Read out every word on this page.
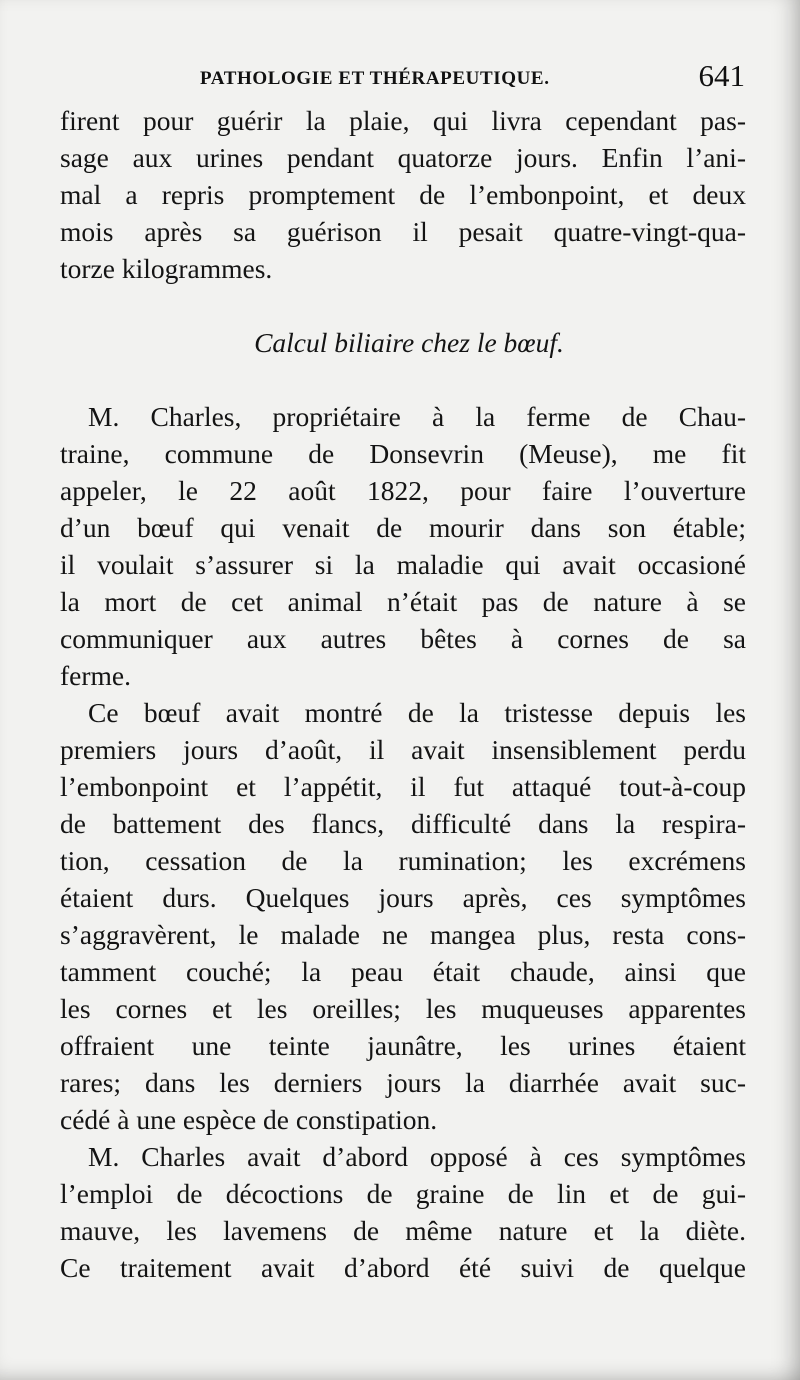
PATHOLOGIE ET THÉRAPEUTIQUE.	641
firent pour guérir la plaie, qui livra cependant pas-
sage aux urines pendant quatorze jours. Enfin l’ani-
mal a repris promptement de l’embonpoint, et deux
mois après sa guérison il pesait quatre-vingt-qua-
torze kilogrammes.
Calcul biliaire chez le bœuf.
M. Charles, propriétaire à la ferme de Chau-
traine, commune de Donsevrin (Meuse), me fit
appeler, le 22 août 1822, pour faire l’ouverture
d’un bœuf qui venait de mourir dans son étable;
il voulait s’assurer si la maladie qui avait occasioné
la mort de cet animal n’était pas de nature à se
communiquer aux autres bêtes à cornes de sa
ferme.
Ce bœuf avait montré de la tristesse depuis les
premiers jours d’août, il avait insensiblement perdu
l’embonpoint et l’appétit, il fut attaqué tout-à-coup
de battement des flancs, difficulté dans la respira-
tion, cessation de la rumination; les excrémens
étaient durs. Quelques jours après, ces symptômes
s’aggravèrent, le malade ne mangea plus, resta cons-
tamment couché; la peau était chaude, ainsi que
les cornes et les oreilles; les muqueuses apparentes
offraient une teinte jaunâtre, les urines étaient
rares; dans les derniers jours la diarrhée avait suc-
cédé à une espèce de constipation.
M. Charles avait d’abord opposé à ces symptômes
l’emploi de décoctions de graine de lin et de gui-
mauve, les lavemens de même nature et la diète.
Ce traitement avait d’abord été suivi de quelque
